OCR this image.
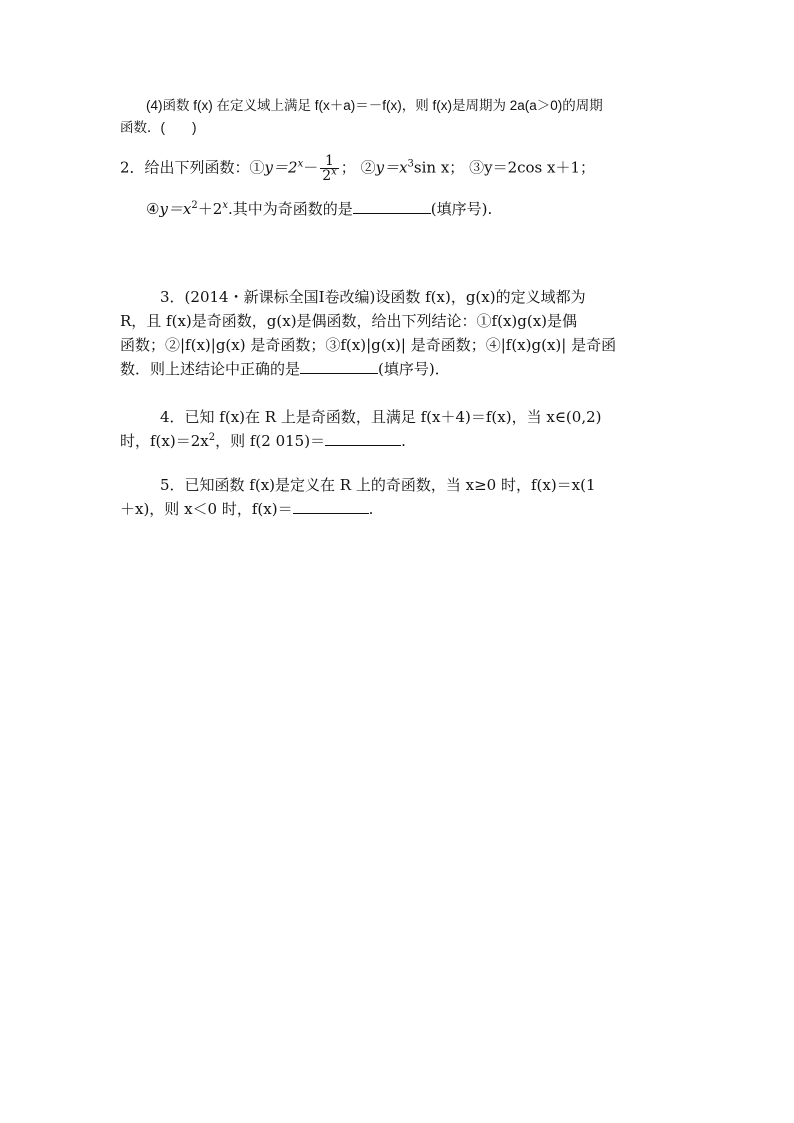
(4)函数 f(x) 在定义域上满足 f(x＋a)＝－f(x)，则 f(x)是周期为 2a(a＞0)的周期
函数．(　　)
2．给出下列函数：$①y=2^x- \frac{1}{2^x}$ ； $②y=x^3\sin$ x； ③y＝2cos x＋1；
$④y=x^2+2^x$.其中为奇函数的是	(填序号).
3．(2014・新课标全国Ⅰ卷改编)设函数 f(x)，g(x)的定义域都为
R，且 f(x)是奇函数，g(x)是偶函数，给出下列结论：①f(x)g(x)是偶
函数；②|f(x)|g(x) 是奇函数；③f(x)|g(x)| 是奇函数；④|f(x)g(x)| 是奇函
数．则上述结论中正确的是	(填序号)．
4．已知 f(x)在 R 上是奇函数，且满足 f(x＋4)＝f(x)，当 x∈(0,2)
时，$f(x)=2x^2$，则 f(2 015)＝	.
5．已知函数 f(x)是定义在 R 上的奇函数，当 x≥0 时，f(x)＝x(1
＋x)，则 x＜0 时，f(x)＝	.
